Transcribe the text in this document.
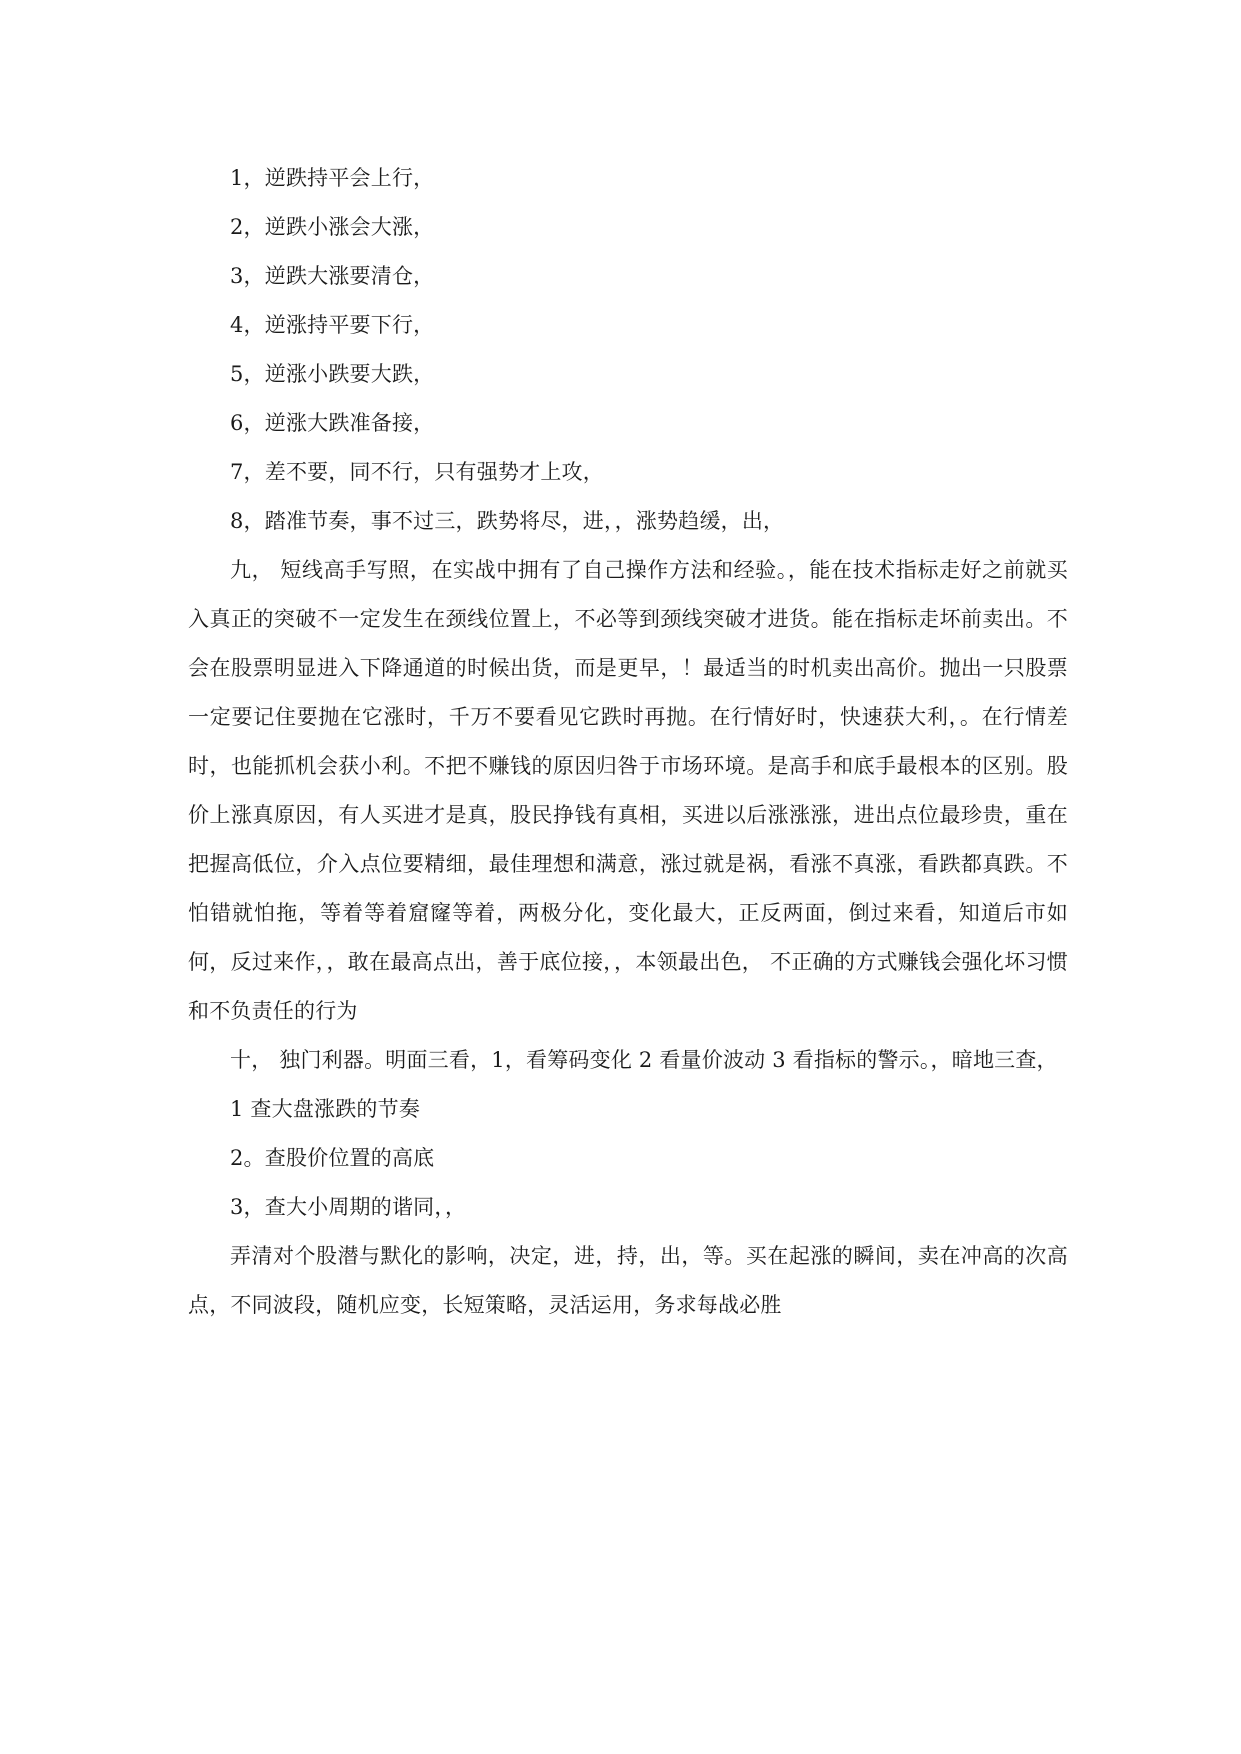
1，逆跌持平会上行，
2，逆跌小涨会大涨，
3，逆跌大涨要清仓，
4，逆涨持平要下行，
5，逆涨小跌要大跌，
6，逆涨大跌准备接，
7，差不要，同不行，只有强势才上攻，
8，踏准节奏，事不过三，跌势将尽，进，，涨势趋缓，出，

九， 短线高手写照，在实战中拥有了自己操作方法和经验。，能在技术指标走好之前就买入真正的突破不一定发生在颈线位置上，不必等到颈线突破才进货。能在指标走坏前卖出。不会在股票明显进入下降通道的时候出货，而是更早，！最适当的时机卖出高价。抛出一只股票一定要记住要抛在它涨时，千万不要看见它跌时再抛。在行情好时，快速获大利，。在行情差时，也能抓机会获小利。不把不赚钱的原因归咎于市场环境。是高手和底手最根本的区别。股价上涨真原因，有人买进才是真，股民挣钱有真相，买进以后涨涨涨，进出点位最珍贵，重在把握高低位，介入点位要精细，最佳理想和满意，涨过就是祸，看涨不真涨，看跌都真跌。不怕错就怕拖，等着等着窟窿等着，两极分化，变化最大，正反两面，倒过来看，知道后市如何，反过来作，，敢在最高点出，善于底位接，，本领最出色， 不正确的方式赚钱会强化坏习惯和不负责任的行为

十， 独门利器。明面三看，1，看筹码变化 2 看量价波动 3 看指标的警示。，暗地三查，
1 查大盘涨跌的节奏
2。查股价位置的高底
3，查大小周期的谐同，，

弄清对个股潜与默化的影响，决定，进，持，出，等。买在起涨的瞬间，卖在冲高的次高点，不同波段，随机应变，长短策略，灵活运用，务求每战必胜
